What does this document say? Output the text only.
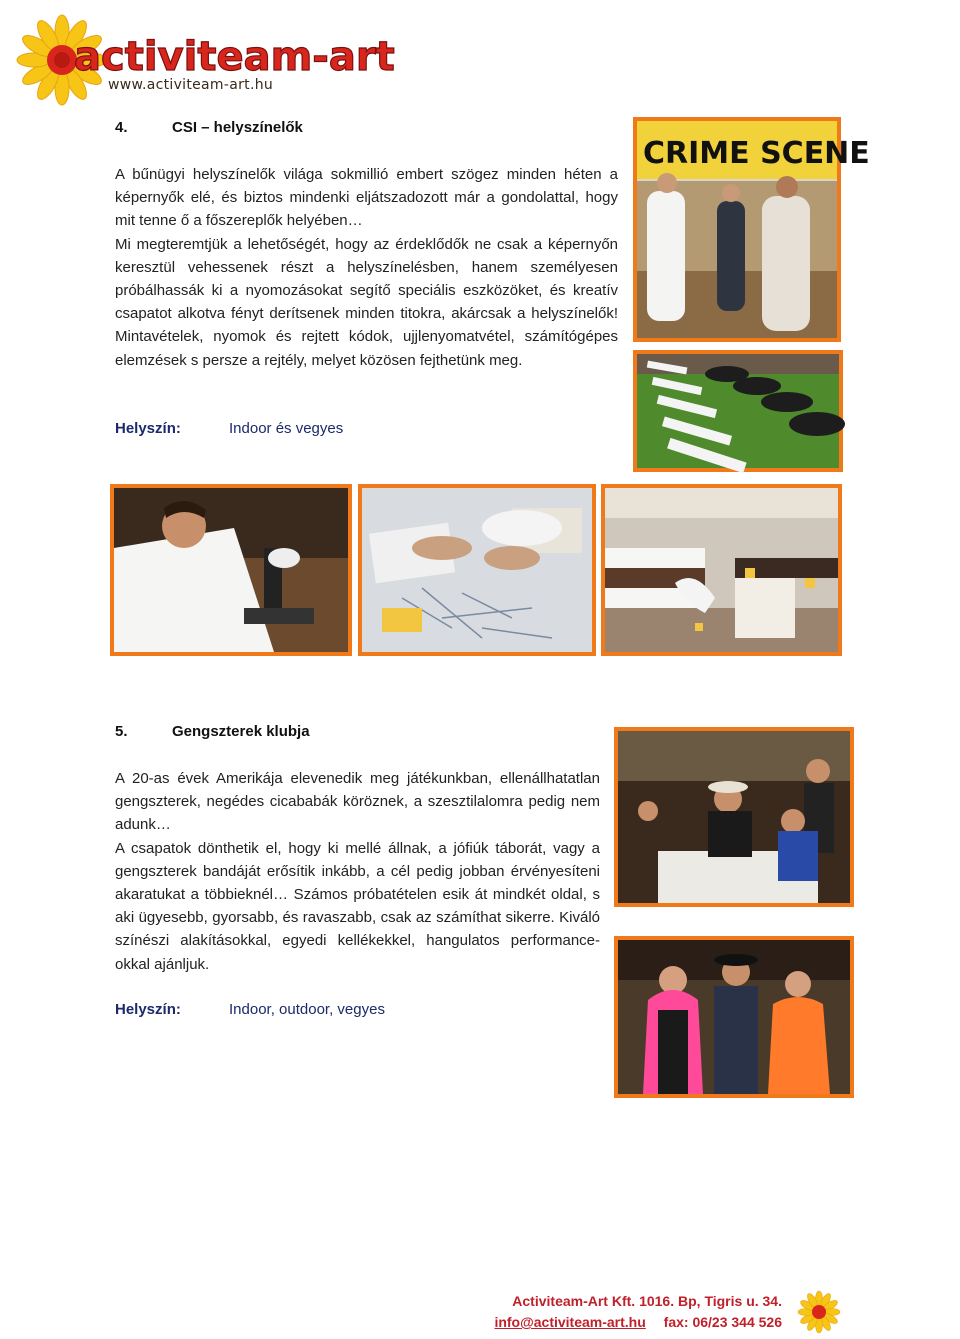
activiteam-art
www.activiteam-art.hu
4.	CSI – helyszínelők

A bűnügyi helyszínelők világa sokmillió embert szögez minden héten a képernyők elé, és biztos mindenki eljátszadozott már a gondolattal, hogy mit tenne ő a főszereplők helyében…

Mi megteremtjük a lehetőségét, hogy az érdeklődők ne csak a képernyőn keresztül vehessenek részt a helyszínelésben, hanem személyesen próbálhassák ki a nyomozásokat segítő speciális eszközöket, és kreatív csapatot alkotva fényt derítsenek minden titokra, akárcsak a helyszínelők! Mintavételek, nyomok és rejtett kódok, ujjlenyomatvétel, számítógépes elemzések s persze a rejtély, melyet közösen fejthetünk meg.

Helyszín:	Indoor és vegyes
CRIME SCENE
5.	Gengszterek klubja

A 20-as évek Amerikája elevenedik meg játékunkban, ellenállhatatlan gengszterek, negédes cicababák köröznek, a szesztilalomra pedig nem adunk…

A csapatok dönthetik el, hogy ki mellé állnak, a jófiúk táborát, vagy a gengszterek bandáját erősítik inkább, a cél pedig jobban érvényesíteni akaratukat a többieknél… Számos próbatételen esik át mindkét oldal, s aki ügyesebb, gyorsabb, és ravaszabb, csak az számíthat sikerre. Kiváló színészi alakításokkal, egyedi kellékekkel, hangulatos performance-okkal ajánljuk.

Helyszín:	Indoor, outdoor, vegyes
Activiteam-Art Kft. 1016. Bp, Tigris u. 34.
info@activiteam-art.hu fax: 06/23 344 526
